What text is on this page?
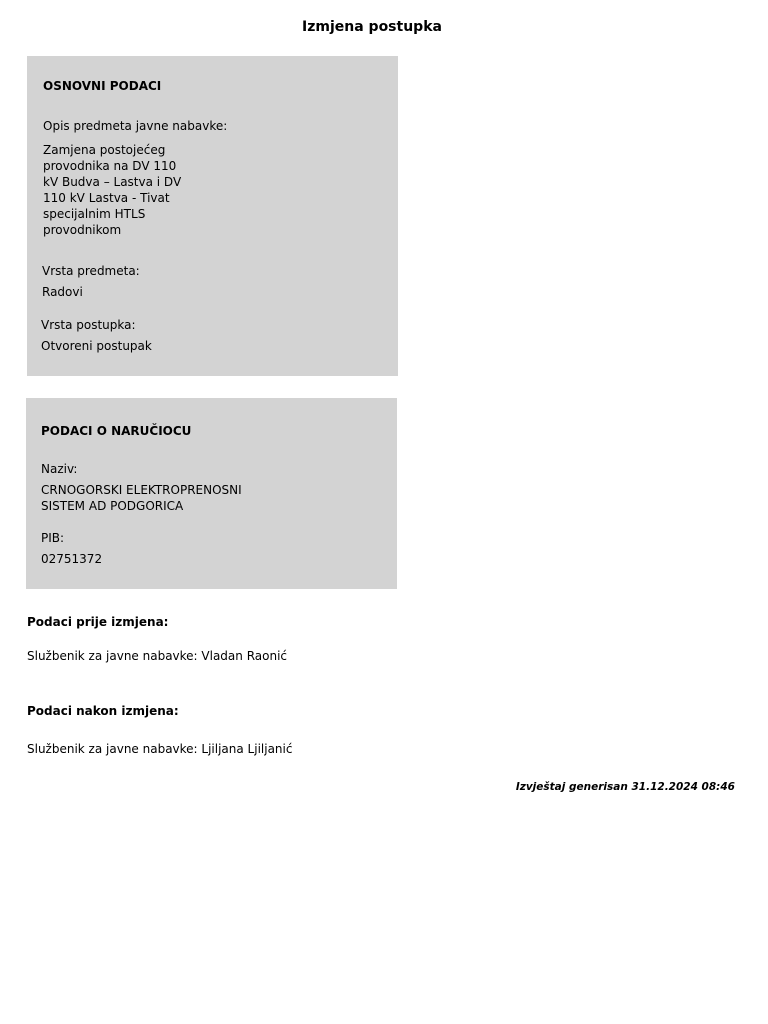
Izmjena postupka
OSNOVNI PODACI
Opis predmeta javne nabavke:
Zamjena postojećeg
provodnika na DV 110
kV Budva – Lastva i DV
110 kV Lastva - Tivat
specijalnim HTLS
provodnikom
Vrsta predmeta:
Radovi
Vrsta postupka:
Otvoreni postupak
PODACI O NARUČIOCU
Naziv:
CRNOGORSKI ELEKTROPRENOSNI
SISTEM AD PODGORICA
PIB:
02751372
Podaci prije izmjena:
Službenik za javne nabavke: Vladan Raonić
Podaci nakon izmjena:
Službenik za javne nabavke: Ljiljana Ljiljanić
Izvještaj generisan 31.12.2024 08:46
